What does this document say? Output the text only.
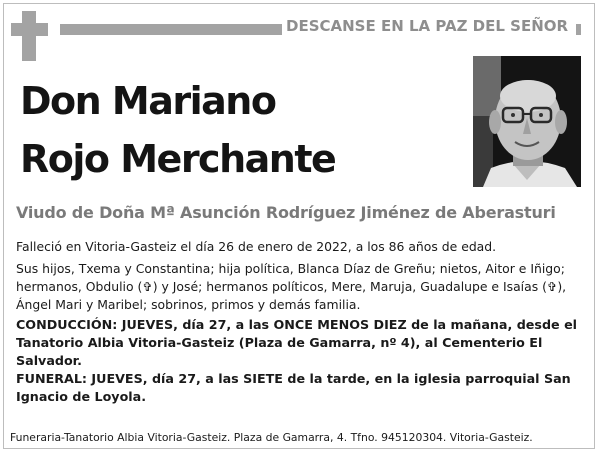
DESCANSE EN LA PAZ DEL SEÑOR
Don Mariano
Rojo Merchante
Viudo de Doña Mª Asunción Rodríguez Jiménez de Aberasturi

Falleció en Vitoria-Gasteiz el día 26 de enero de 2022, a los 86 años de edad.

Sus hijos, Txema y Constantina; hija política, Blanca Díaz de Greñu; nietos, Aitor e Iñigo; hermanos, Obdulio (✞) y José; hermanos políticos, Mere, Maruja, Guadalupe e Isaías (✞), Ángel Mari y Maribel; sobrinos, primos y demás familia.

CONDUCCIÓN: JUEVES, día 27, a las ONCE MENOS DIEZ de la mañana, desde el Tanatorio Albia Vitoria-Gasteiz (Plaza de Gamarra, nº 4), al Cementerio El Salvador.

FUNERAL: JUEVES, día 27, a las SIETE de la tarde, en la iglesia parroquial San Ignacio de Loyola.

Funeraria-Tanatorio Albia Vitoria-Gasteiz. Plaza de Gamarra, 4. Tfno. 945120304. Vitoria-Gasteiz.
